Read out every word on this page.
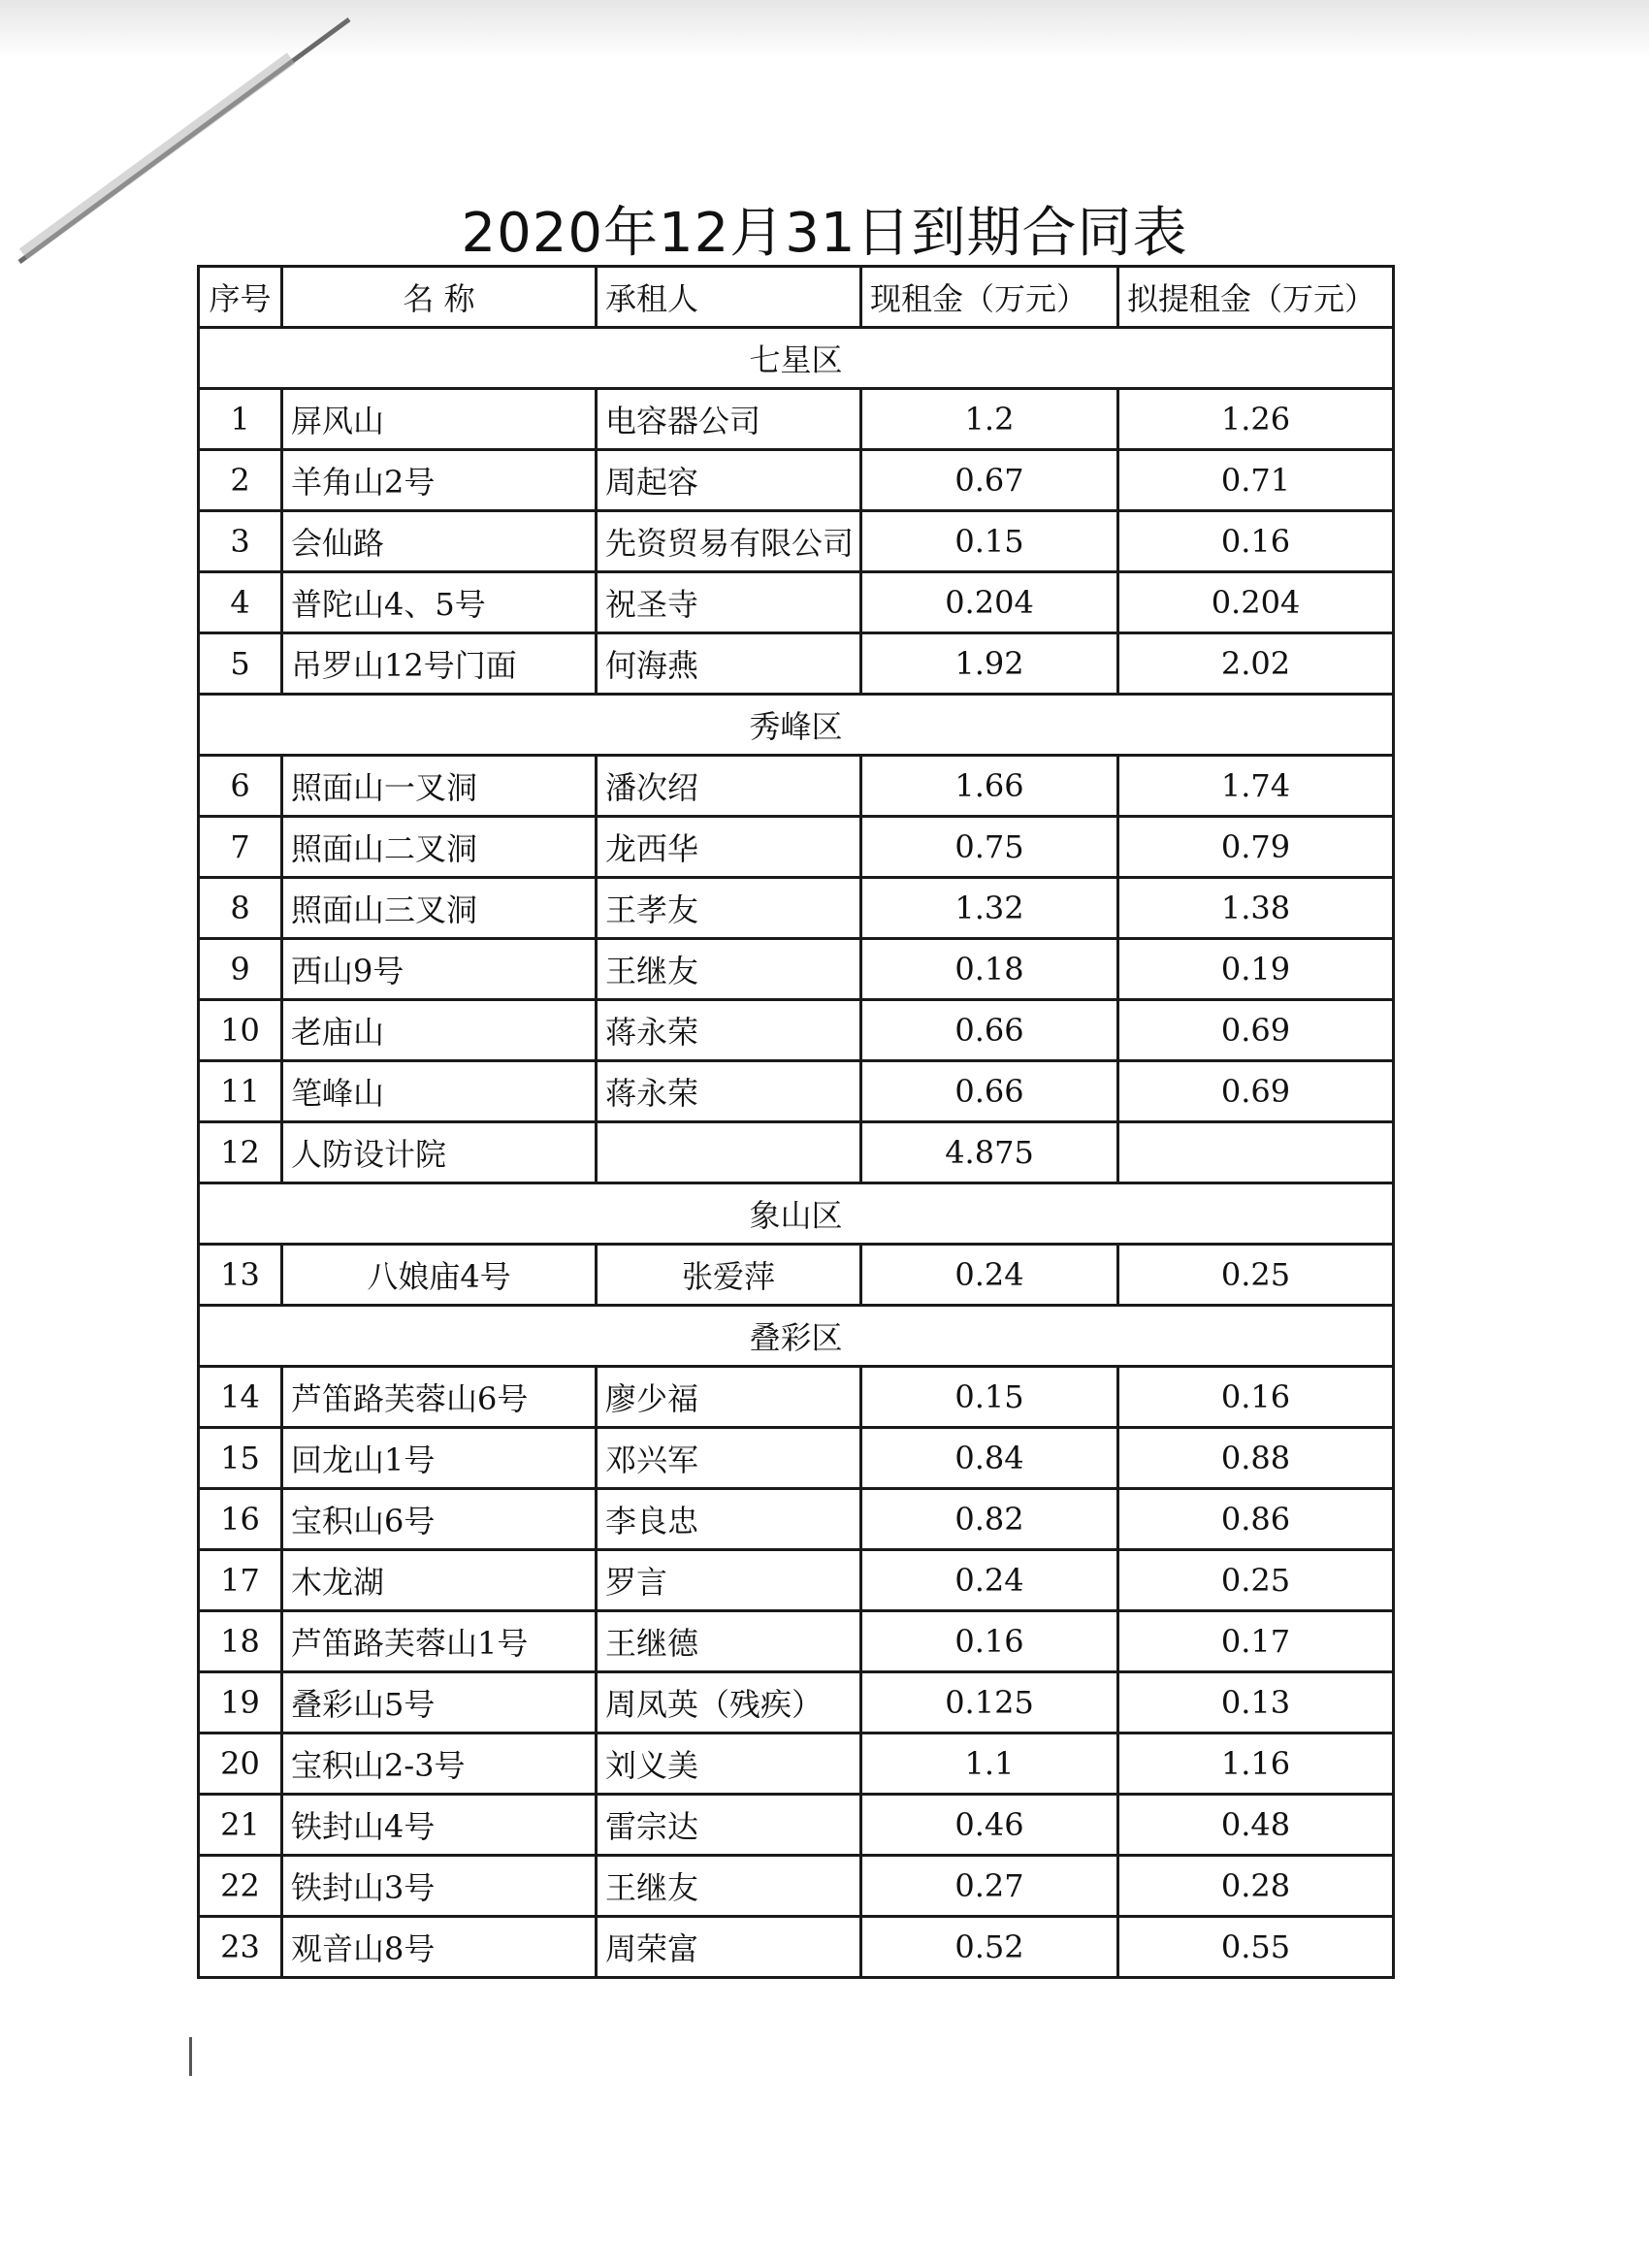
2020年12月31日到期合同表
序号	名 称	承租人	现租金（万元）	拟提租金（万元）
七星区				
1	屏风山	电容器公司	1.2	1.26
2	羊角山2号	周起容	0.67	0.71
3	会仙路	先资贸易有限公司	0.15	0.16
4	普陀山4、5号	祝圣寺	0.204	0.204
5	吊罗山12号门面	何海燕	1.92	2.02
秀峰区				
6	照面山一叉洞	潘次绍	1.66	1.74
7	照面山二叉洞	龙西华	0.75	0.79
8	照面山三叉洞	王孝友	1.32	1.38
9	西山9号	王继友	0.18	0.19
10	老庙山	蒋永荣	0.66	0.69
11	笔峰山	蒋永荣	0.66	0.69
12	人防设计院		4.875	
象山区				
13	八娘庙4号	张爱萍	0.24	0.25
叠彩区				
14	芦笛路芙蓉山6号	廖少福	0.15	0.16
15	回龙山1号	邓兴军	0.84	0.88
16	宝积山6号	李良忠	0.82	0.86
17	木龙湖	罗言	0.24	0.25
18	芦笛路芙蓉山1号	王继德	0.16	0.17
19	叠彩山5号	周凤英（残疾）	0.125	0.13
20	宝积山2-3号	刘义美	1.1	1.16
21	铁封山4号	雷宗达	0.46	0.48
22	铁封山3号	王继友	0.27	0.28
23	观音山8号	周荣富	0.52	0.55
